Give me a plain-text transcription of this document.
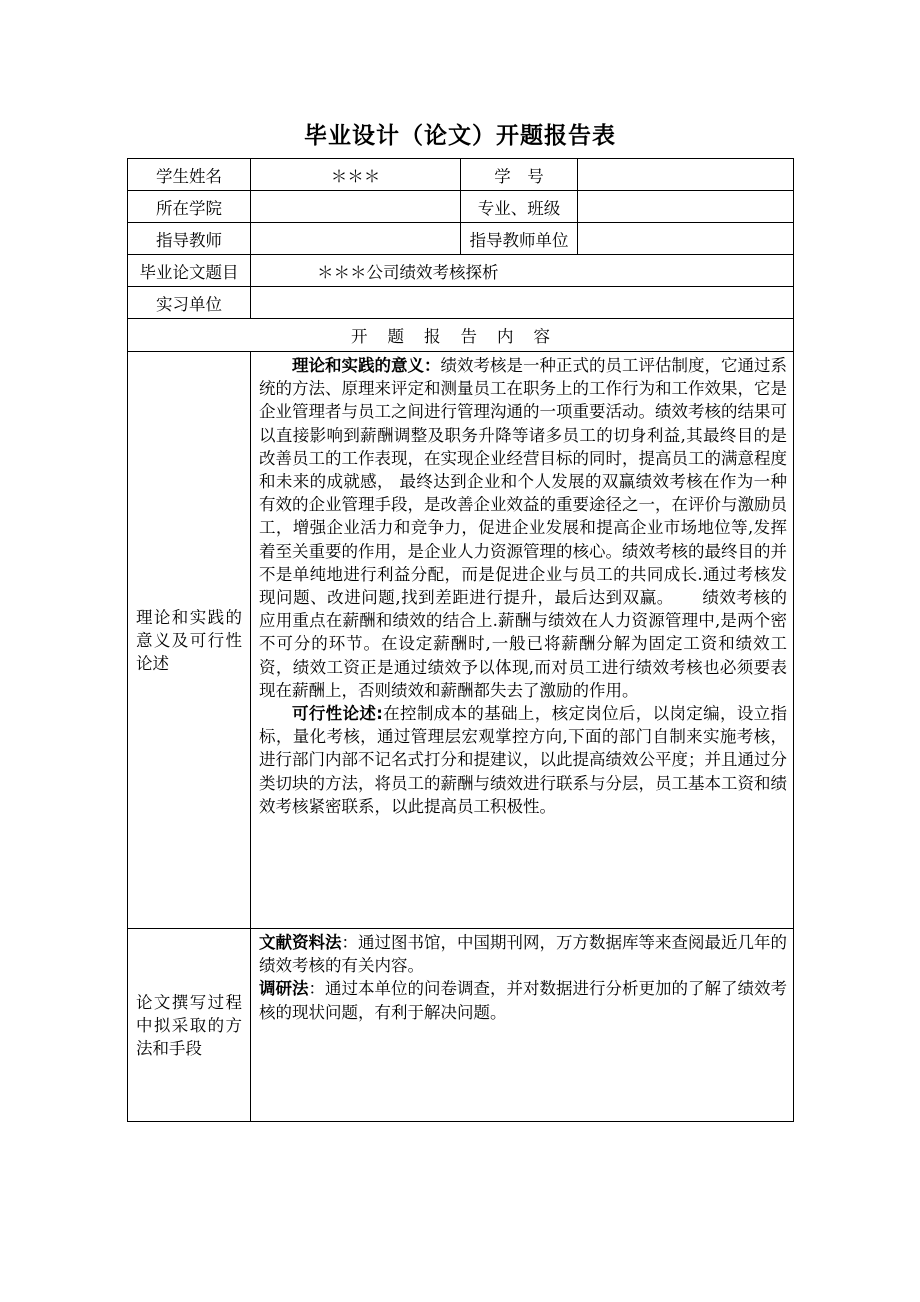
毕业设计（论文）开题报告表
学生姓名	＊＊＊	学　号	
所在学院		专业、班级	
指导教师		指导教师单位	
毕业论文题目	＊＊＊公司绩效考核探析		
实习单位			
开题报告内容			
理论和实践的意义及可行性论述	理论和实践的意义：绩效考核是一种正式的员工评估制度，它通过系统的方法、原理来评定和测量员工在职务上的工作行为和工作效果，它是企业管理者与员工之间进行管理沟通的一项重要活动。绩效考核的结果可以直接影响到薪酬调整及职务升降等诸多员工的切身利益,其最终目的是改善员工的工作表现，在实现企业经营目标的同时，提高员工的满意程度和未来的成就感， 最终达到企业和个人发展的双赢绩效考核在作为一种有效的企业管理手段，是改善企业效益的重要途径之一，在评价与激励员工，增强企业活力和竞争力，促进企业发展和提高企业市场地位等,发挥着至关重要的作用，是企业人力资源管理的核心。绩效考核的最终目的并不是单纯地进行利益分配，而是促进企业与员工的共同成长.通过考核发现问题、改进问题,找到差距进行提升，最后达到双赢。 绩效考核的应用重点在薪酬和绩效的结合上.薪酬与绩效在人力资源管理中,是两个密不可分的环节。在设定薪酬时,一般已将薪酬分解为固定工资和绩效工资，绩效工资正是通过绩效予以体现,而对员工进行绩效考核也必须要表现在薪酬上，否则绩效和薪酬都失去了激励的作用。

可行性论述:在控制成本的基础上，核定岗位后，以岗定编，设立指标，量化考核，通过管理层宏观掌控方向,下面的部门自制来实施考核，进行部门内部不记名式打分和提建议，以此提高绩效公平度；并且通过分类切块的方法，将员工的薪酬与绩效进行联系与分层，员工基本工资和绩效考核紧密联系，以此提高员工积极性。		

论文撰写过程中拟采取的方法和手段	文献资料法：通过图书馆，中国期刊网，万方数据库等来查阅最近几年的绩效考核的有关内容。

调研法：通过本单位的问卷调查，并对数据进行分析更加的了解了绩效考核的现状问题，有利于解决问题。		
